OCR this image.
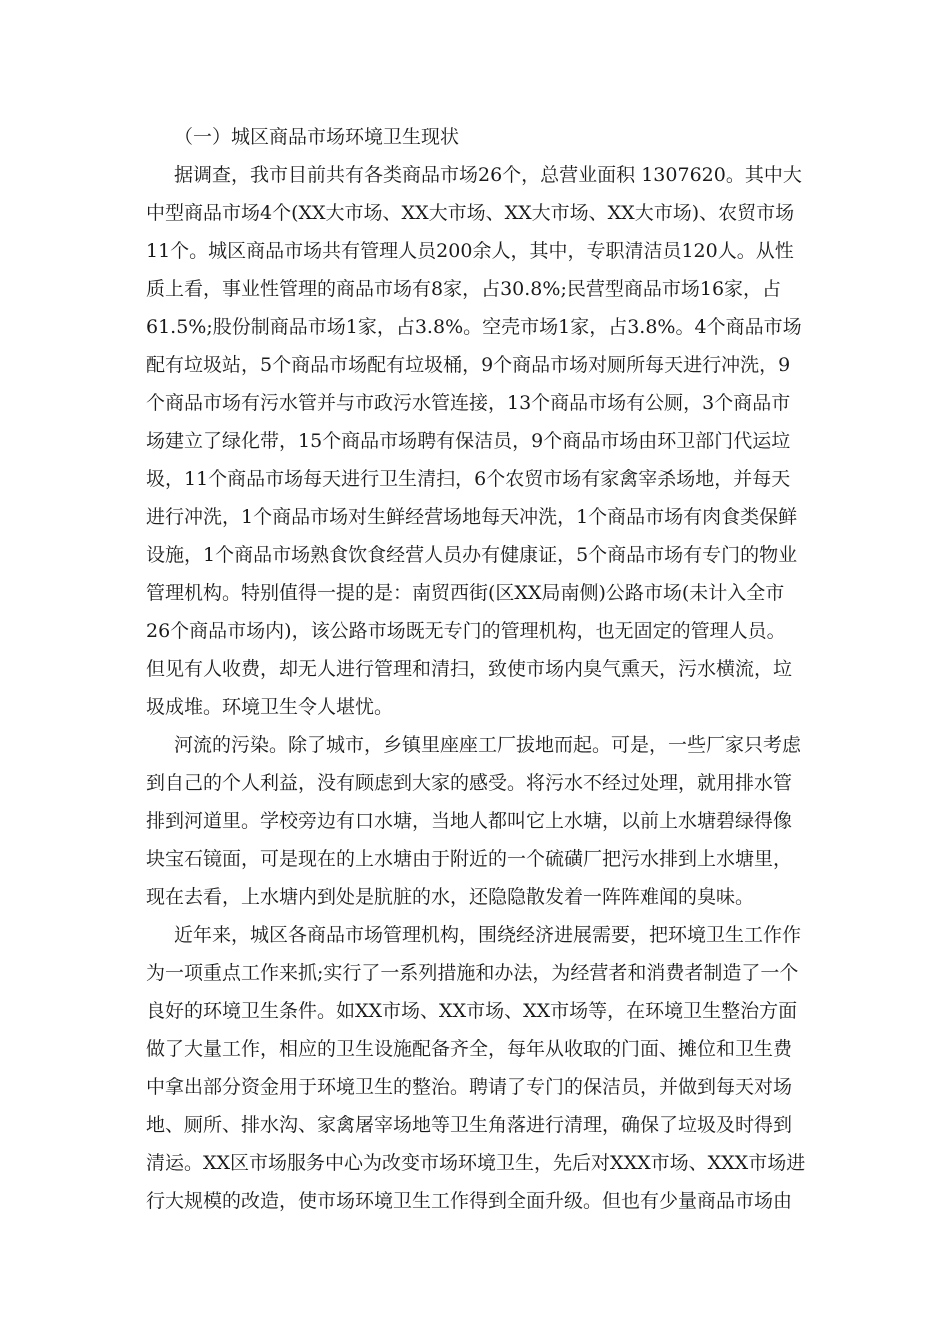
（一）城区商品市场环境卫生现状
据调查，我市目前共有各类商品市场26个，总营业面积 1307620。其中大
中型商品市场4个(XX大市场、XX大市场、XX大市场、XX大市场)、农贸市场
11个。城区商品市场共有管理人员200余人，其中，专职清洁员120人。从性
质上看，事业性管理的商品市场有8家，占30.8%;民营型商品市场16家，占
61.5%;股份制商品市场1家，占3.8%。空壳市场1家，占3.8%。4个商品市场
配有垃圾站，5个商品市场配有垃圾桶，9个商品市场对厕所每天进行冲洗，9
个商品市场有污水管并与市政污水管连接，13个商品市场有公厕，3个商品市
场建立了绿化带，15个商品市场聘有保洁员，9个商品市场由环卫部门代运垃
圾，11个商品市场每天进行卫生清扫，6个农贸市场有家禽宰杀场地，并每天
进行冲洗，1个商品市场对生鲜经营场地每天冲洗，1个商品市场有肉食类保鲜
设施，1个商品市场熟食饮食经营人员办有健康证，5个商品市场有专门的物业
管理机构。特别值得一提的是：南贸西街(区XX局南侧)公路市场(未计入全市
26个商品市场内)，该公路市场既无专门的管理机构，也无固定的管理人员。
但见有人收费，却无人进行管理和清扫，致使市场内臭气熏天，污水横流，垃
圾成堆。环境卫生令人堪忧。
河流的污染。除了城市，乡镇里座座工厂拔地而起。可是，一些厂家只考虑
到自己的个人利益，没有顾虑到大家的感受。将污水不经过处理，就用排水管
排到河道里。学校旁边有口水塘，当地人都叫它上水塘，以前上水塘碧绿得像
块宝石镜面，可是现在的上水塘由于附近的一个硫磺厂把污水排到上水塘里，
现在去看，上水塘内到处是肮脏的水，还隐隐散发着一阵阵难闻的臭味。
近年来，城区各商品市场管理机构，围绕经济进展需要，把环境卫生工作作
为一项重点工作来抓;实行了一系列措施和办法，为经营者和消费者制造了一个
良好的环境卫生条件。如XX市场、XX市场、XX市场等，在环境卫生整治方面
做了大量工作，相应的卫生设施配备齐全，每年从收取的门面、摊位和卫生费
中拿出部分资金用于环境卫生的整治。聘请了专门的保洁员，并做到每天对场
地、厕所、排水沟、家禽屠宰场地等卫生角落进行清理，确保了垃圾及时得到
清运。XX区市场服务中心为改变市场环境卫生，先后对XXX市场、XXX市场进
行大规模的改造，使市场环境卫生工作得到全面升级。但也有少量商品市场由
